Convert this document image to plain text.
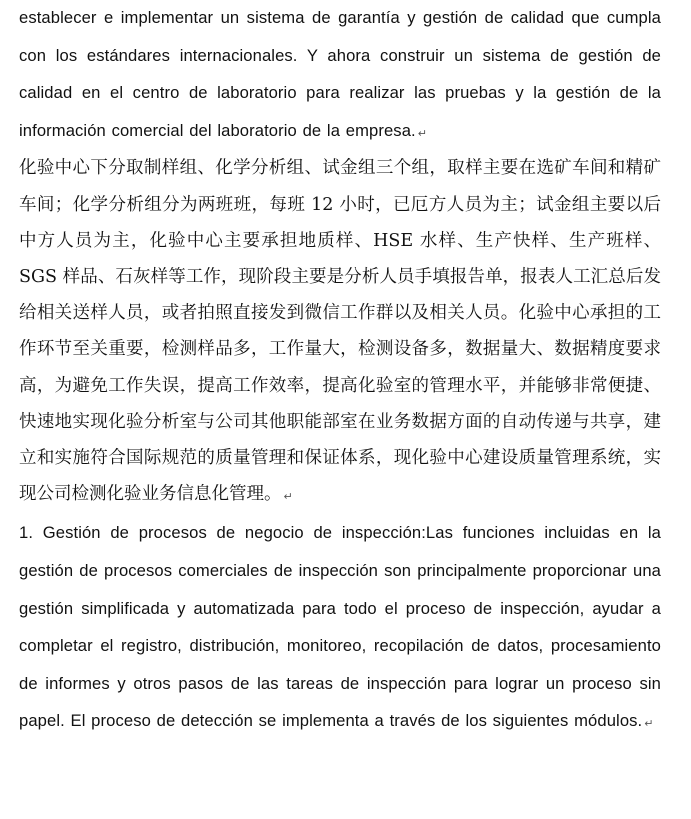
establecer e implementar un sistema de garantía y gestión de calidad que cumpla con los estándares internacionales. Y ahora construir un sistema de gestión de calidad en el centro de laboratorio para realizar las pruebas y la gestión de la información comercial del laboratorio de la empresa. ↵

化验中心下分取制样组、化学分析组、试金组三个组，取样主要在选矿车间和精矿车间；化学分析组分为两班班，每班 12 小时，已厄方人员为主；试金组主要以后中方人员为主，化验中心主要承担地质样、HSE 水样、生产快样、生产班样、SGS 样品、石灰样等工作，现阶段主要是分析人员手填报告单，报表人工汇总后发给相关送样人员，或者拍照直接发到微信工作群以及相关人员。化验中心承担的工作环节至关重要，检测样品多，工作量大，检测设备多，数据量大、数据精度要求高，为避免工作失误，提高工作效率，提高化验室的管理水平，并能够非常便捷、快速地实现化验分析室与公司其他职能部室在业务数据方面的自动传递与共享，建立和实施符合国际规范的质量管理和保证体系，现化验中心建设质量管理系统，实现公司检测化验业务信息化管理。 ↵

1. Gestión de procesos de negocio de inspección:Las funciones incluidas en la gestión de procesos comerciales de inspección son principalmente proporcionar una gestión simplificada y automatizada para todo el proceso de inspección, ayudar a completar el registro, distribución, monitoreo, recopilación de datos, procesamiento de informes y otros pasos de las tareas de inspección para lograr un proceso sin papel. El proceso de detección se implementa a través de los siguientes módulos. ↵
